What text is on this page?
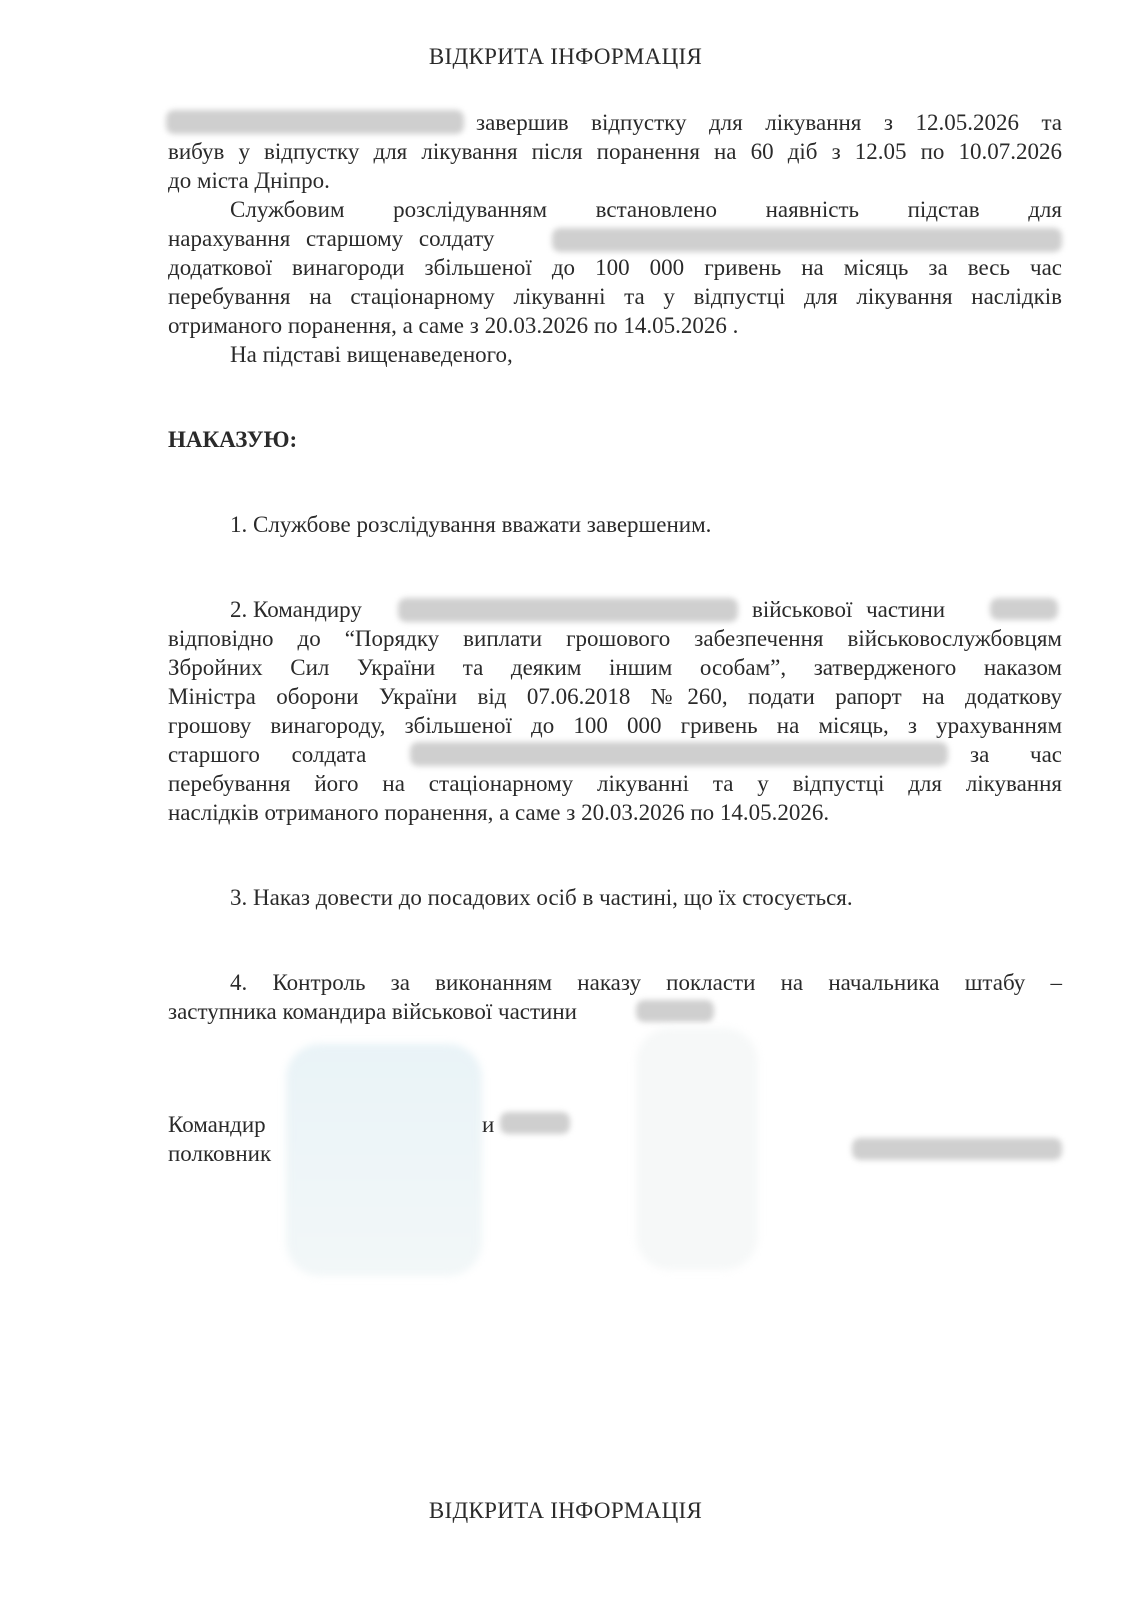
ВІДКРИТА ІНФОРМАЦІЯ
завершив відпустку для лікування з 12.05.2026 та
вибув у відпустку для лікування після поранення на 60 діб з 12.05 по 10.07.2026
до міста Дніпро.
Службовим розслідуванням встановлено наявність підстав для
нарахування старшому солдату
додаткової винагороди збільшеної до 100 000 гривень на місяць за весь час
перебування на стаціонарному лікуванні та у відпустці для лікування наслідків
отриманого поранення, а саме з 20.03.2026 по 14.05.2026 .
На підставі вищенаведеного,
НАКАЗУЮ:
1. Службове розслідування вважати завершеним.
2. Командиру	військової частини
відповідно до “Порядку виплати грошового забезпечення військовослужбовцям
Збройних Сил України та деяким іншим особам”, затвердженого наказом
Міністра оборони України від 07.06.2018 №260, подати рапорт на додаткову
грошову винагороду, збільшеної до 100 000 гривень на місяць, з урахуванням
старшого солдата	за час
перебування його на стаціонарному лікуванні та у відпустці для лікування
наслідків отриманого поранення, а саме з 20.03.2026 по 14.05.2026.
3. Наказ довести до посадових осіб в частині, що їх стосується.
4. Контроль за виконанням наказу покласти на начальника штабу –
заступника командира військової частини
Командир	и
полковник
ВІДКРИТА ІНФОРМАЦІЯ
